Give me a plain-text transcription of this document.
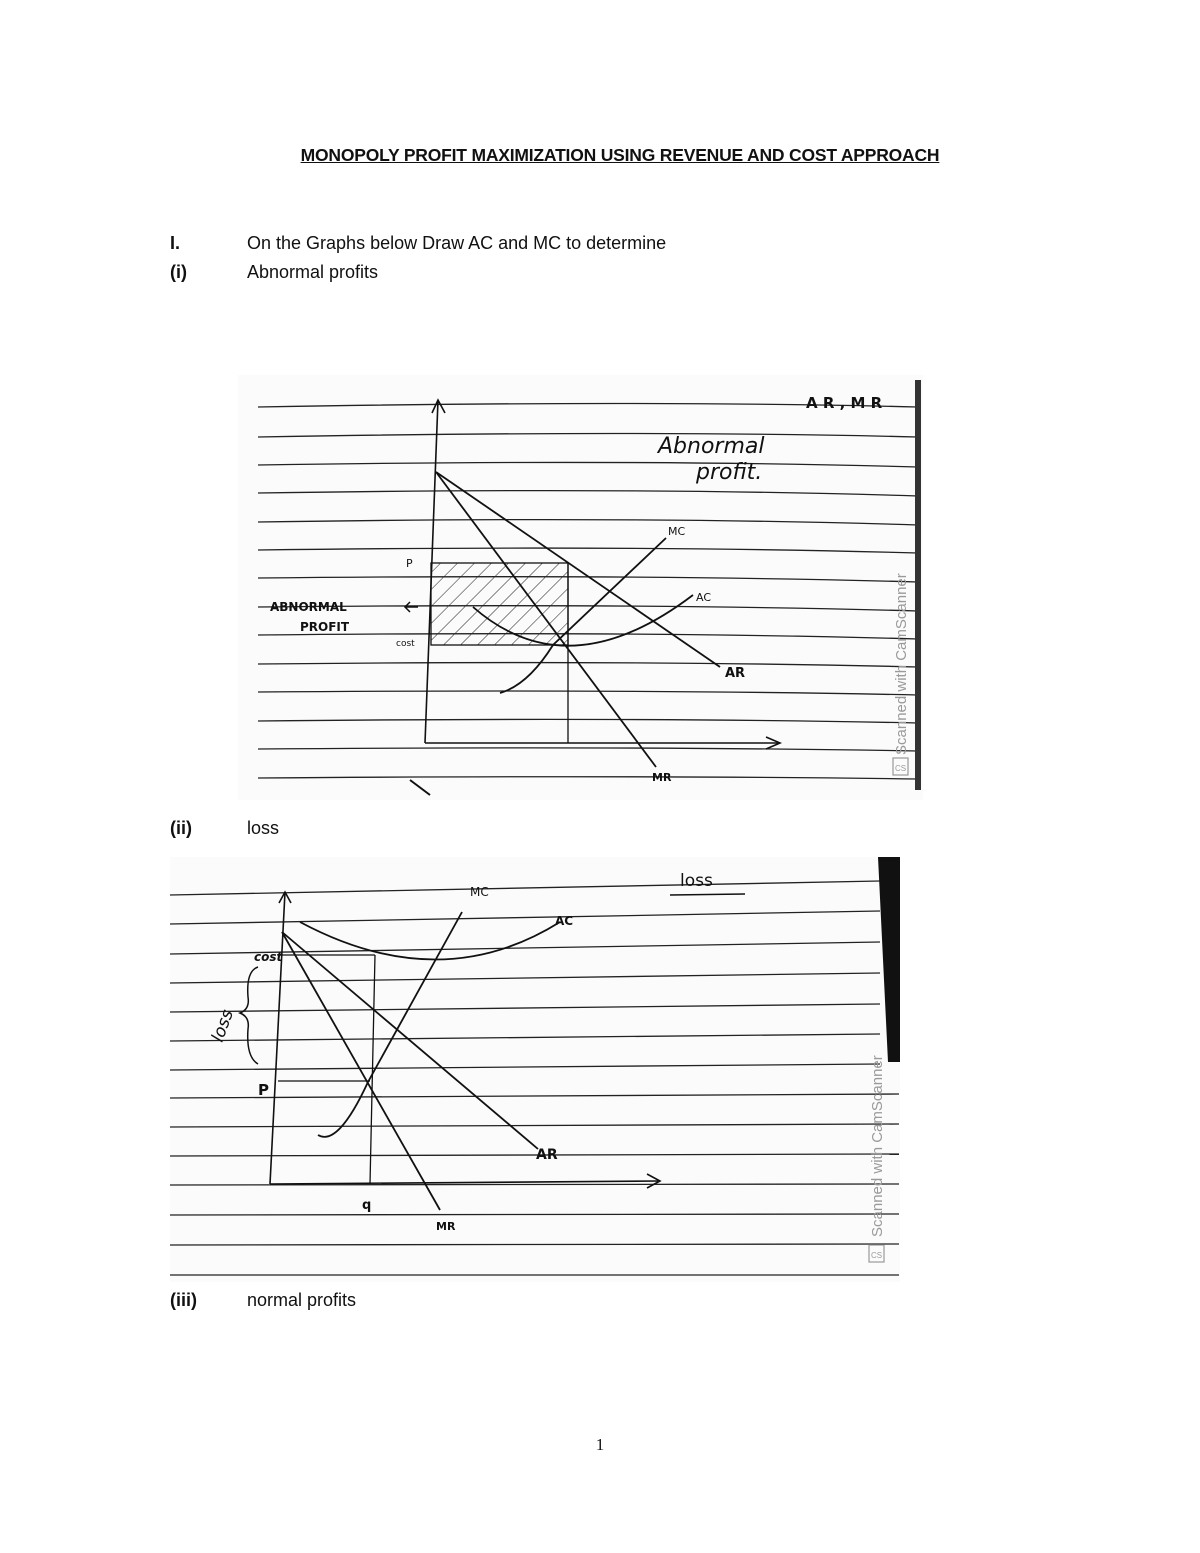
MONOPOLY PROFIT MAXIMIZATION USING REVENUE AND COST APPROACH
I.	On the Graphs below Draw AC and MC to determine
(i)	Abnormal profits
A R , M R
Abnormal
profit.
MC
P
AC
ABNORMAL
PROFIT
cost
AR
MR
Scanned with CamScanner
CS
(ii)	loss
MC
loss
AC
cost
loss
P
AR
q
MR	Scanned with CamScanner
CS
(iii)	normal profits
1
